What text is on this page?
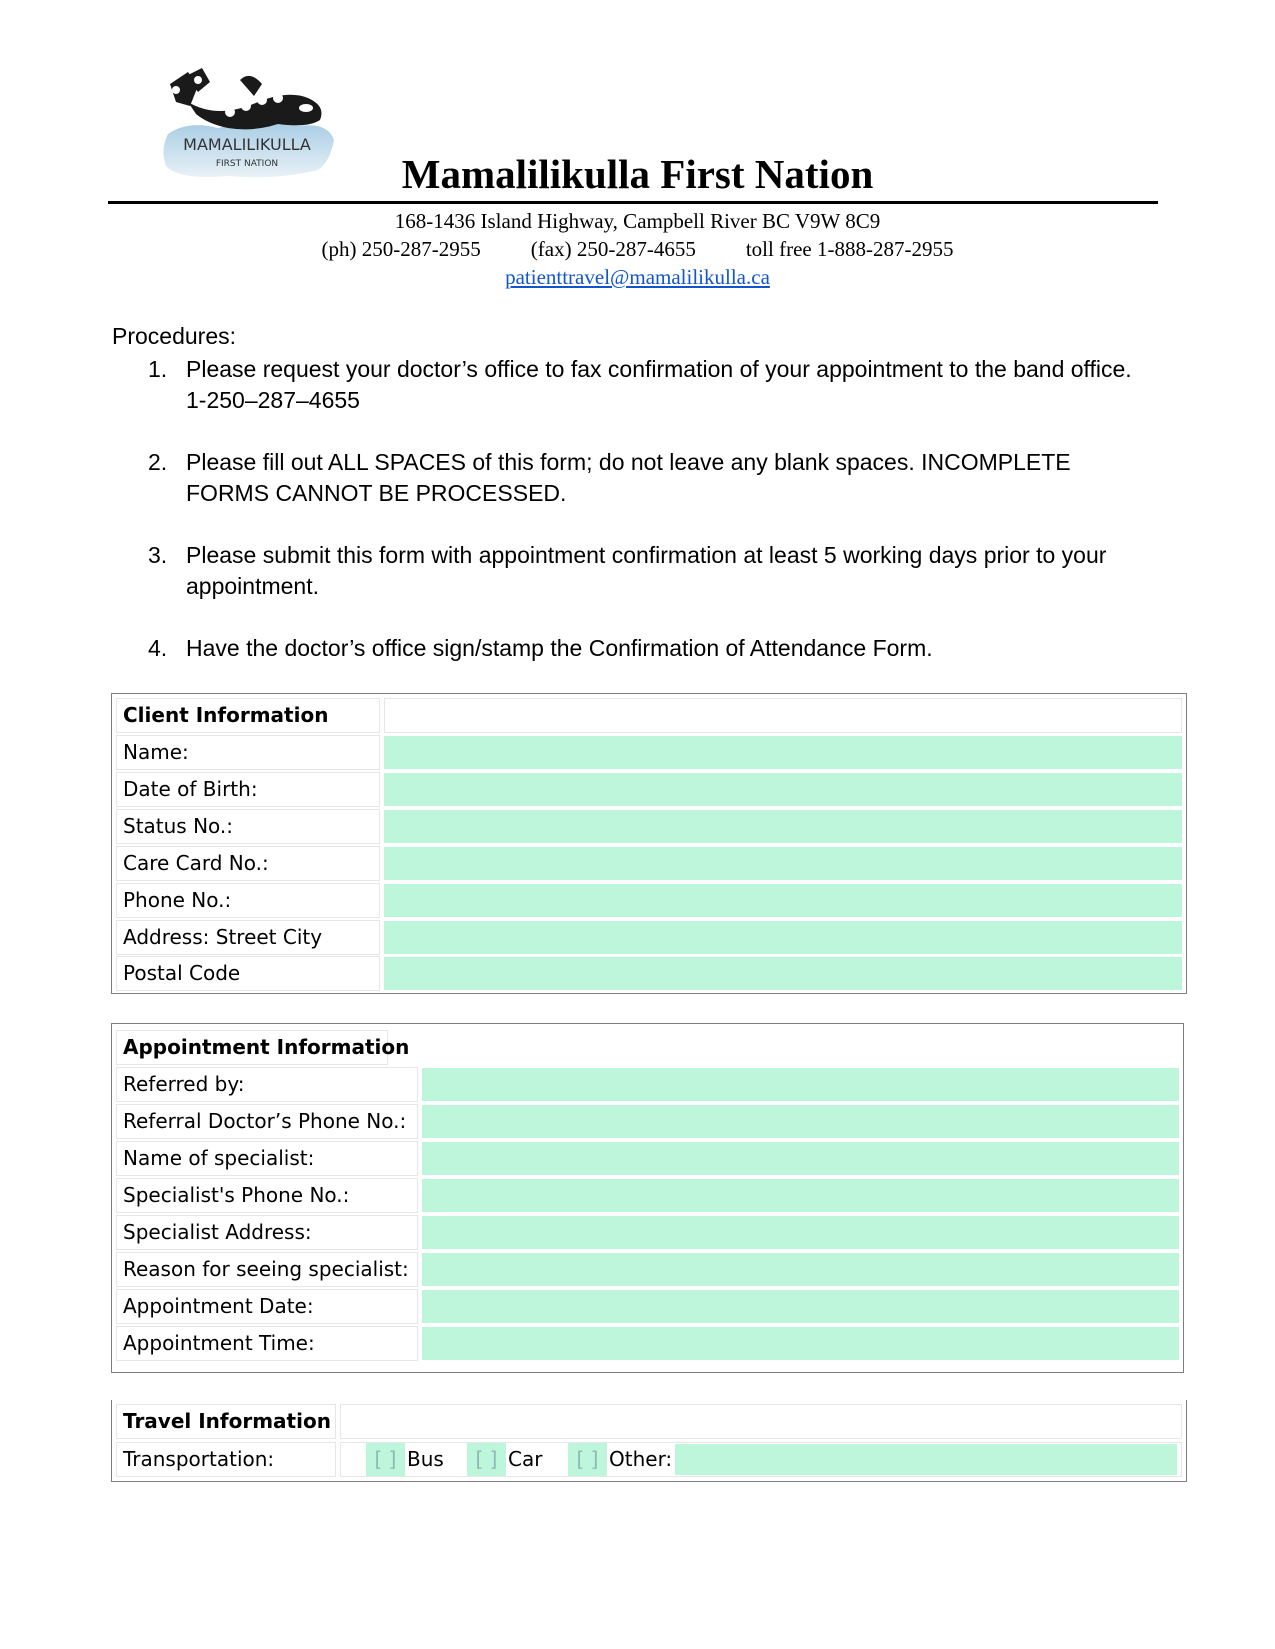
MAMALILIKULLA
FIRST NATION	Mamalilikulla First Nation
168-1436 Island Highway, Campbell River BC V9W 8C9
(ph) 250-287-2955 (fax) 250-287-4655 toll free 1-888-287-2955
patienttravel@mamalilikulla.ca
Procedures:
1. Please request your doctor’s office to fax confirmation of your appointment to the band office. 1-250–287–4655
2. Please fill out ALL SPACES of this form; do not leave any blank spaces. INCOMPLETE FORMS CANNOT BE PROCESSED.
3. Please submit this form with appointment confirmation at least 5 working days prior to your appointment.
4. Have the doctor’s office sign/stamp the Confirmation of Attendance Form.
Client Information
Name:
Date of Birth:
Status No.:
Care Card No.:
Phone No.:
Address: Street City
Postal Code
Appointment Information
Referred by:
Referral Doctor’s Phone No.:
Name of specialist:
Specialist's Phone No.:
Specialist Address:
Reason for seeing specialist:
Appointment Date:
Appointment Time:
Travel Information
Transportation:	[ ] Bus	[ ] Car	[ ] Other:
